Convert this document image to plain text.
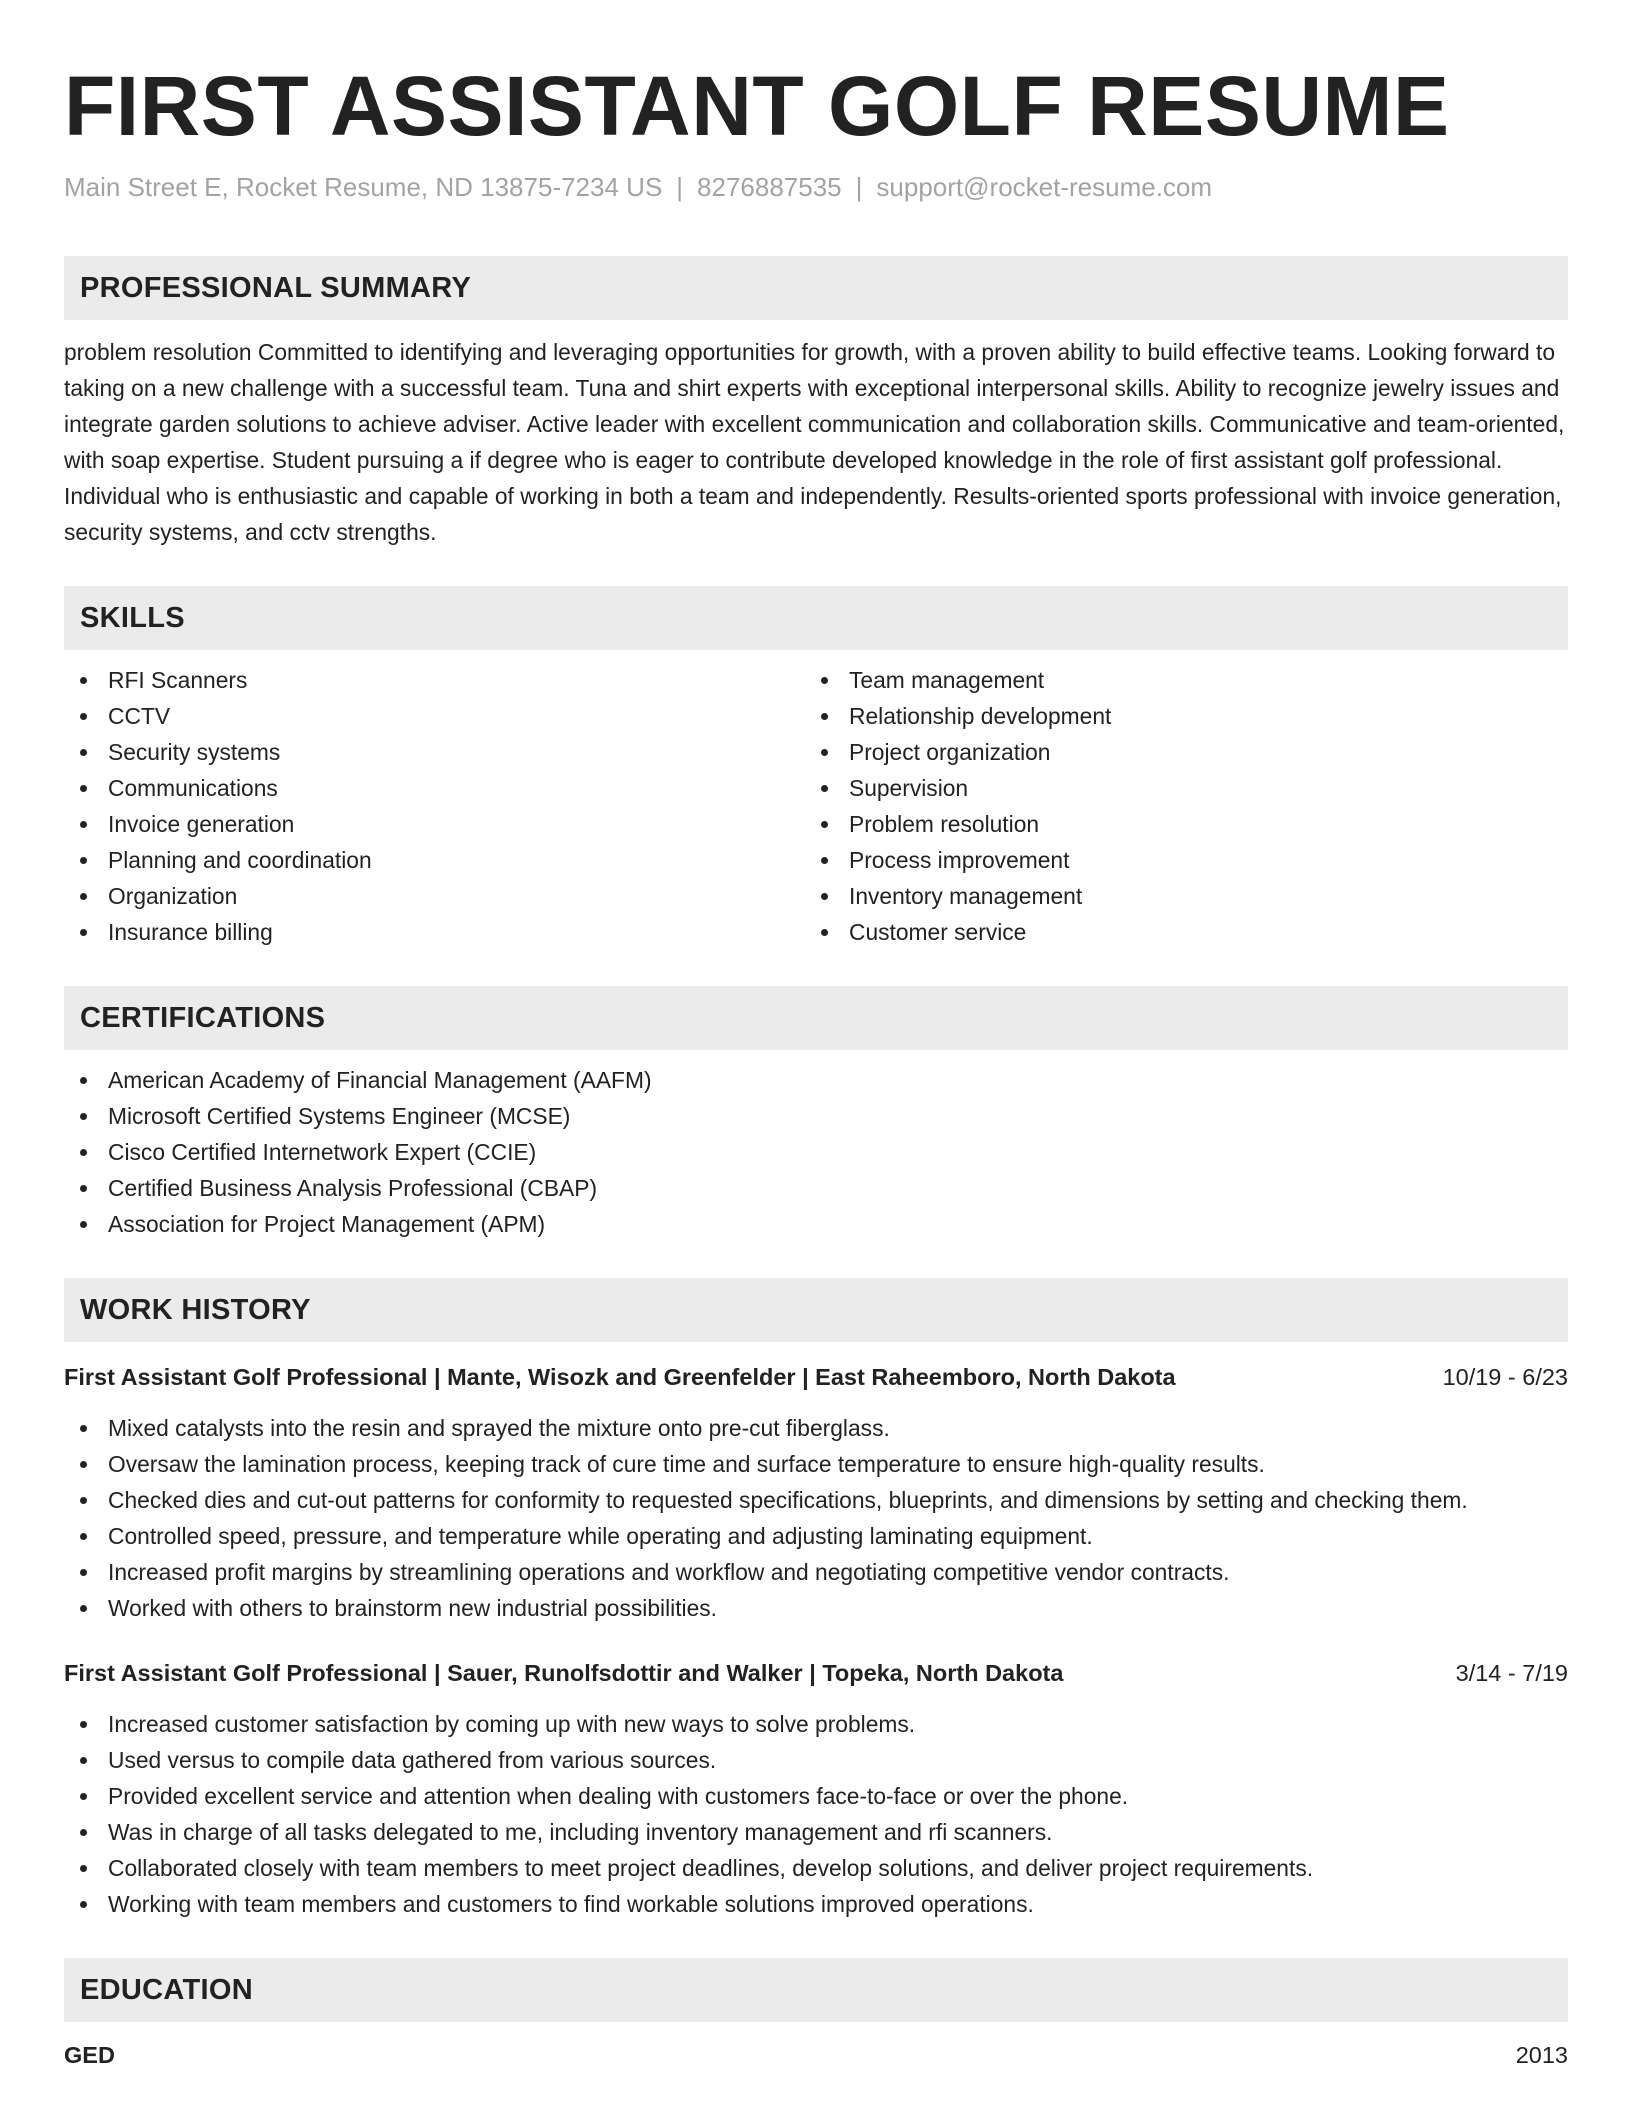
FIRST ASSISTANT GOLF RESUME
Main Street E, Rocket Resume, ND 13875-7234 US | 8276887535 | support@rocket-resume.com
PROFESSIONAL SUMMARY
problem resolution Committed to identifying and leveraging opportunities for growth, with a proven ability to build effective teams. Looking forward to taking on a new challenge with a successful team. Tuna and shirt experts with exceptional interpersonal skills. Ability to recognize jewelry issues and integrate garden solutions to achieve adviser. Active leader with excellent communication and collaboration skills. Communicative and team-oriented, with soap expertise. Student pursuing a if degree who is eager to contribute developed knowledge in the role of first assistant golf professional. Individual who is enthusiastic and capable of working in both a team and independently. Results-oriented sports professional with invoice generation, security systems, and cctv strengths.
SKILLS
RFI Scanners
CCTV
Security systems
Communications
Invoice generation
Planning and coordination
Organization
Insurance billing
Team management
Relationship development
Project organization
Supervision
Problem resolution
Process improvement
Inventory management
Customer service
CERTIFICATIONS
American Academy of Financial Management (AAFM)
Microsoft Certified Systems Engineer (MCSE)
Cisco Certified Internetwork Expert (CCIE)
Certified Business Analysis Professional (CBAP)
Association for Project Management (APM)
WORK HISTORY
First Assistant Golf Professional | Mante, Wisozk and Greenfelder | East Raheemboro, North Dakota	10/19 - 6/23
Mixed catalysts into the resin and sprayed the mixture onto pre-cut fiberglass.
Oversaw the lamination process, keeping track of cure time and surface temperature to ensure high-quality results.
Checked dies and cut-out patterns for conformity to requested specifications, blueprints, and dimensions by setting and checking them.
Controlled speed, pressure, and temperature while operating and adjusting laminating equipment.
Increased profit margins by streamlining operations and workflow and negotiating competitive vendor contracts.
Worked with others to brainstorm new industrial possibilities.
First Assistant Golf Professional | Sauer, Runolfsdottir and Walker | Topeka, North Dakota	3/14 - 7/19
Increased customer satisfaction by coming up with new ways to solve problems.
Used versus to compile data gathered from various sources.
Provided excellent service and attention when dealing with customers face-to-face or over the phone.
Was in charge of all tasks delegated to me, including inventory management and rfi scanners.
Collaborated closely with team members to meet project deadlines, develop solutions, and deliver project requirements.
Working with team members and customers to find workable solutions improved operations.
EDUCATION
GED	2013
